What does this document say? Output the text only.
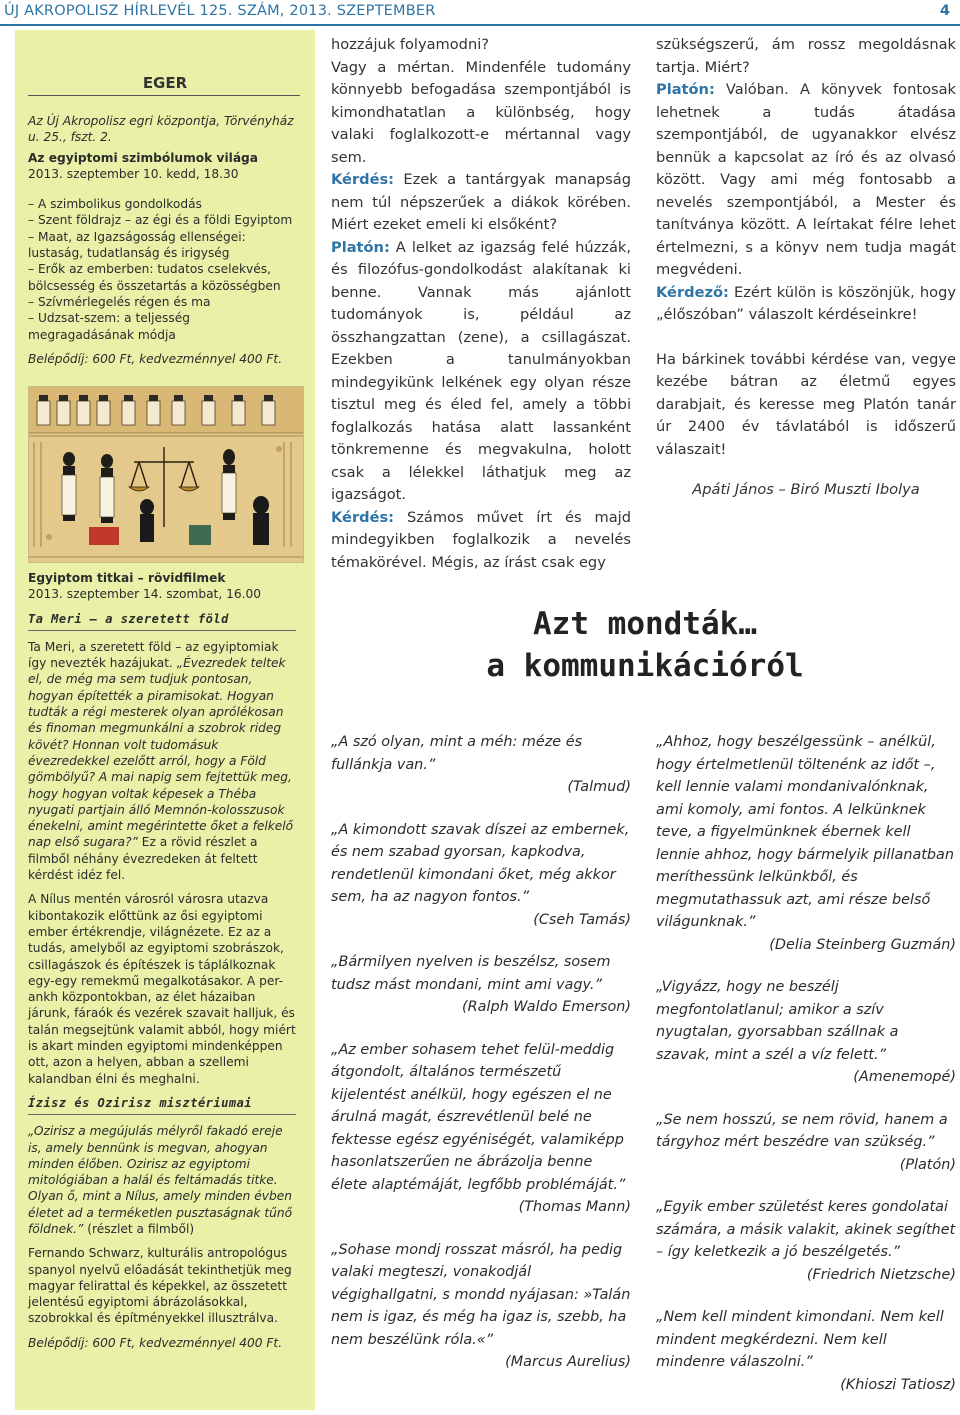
ÚJ AKROPOLISZ HÍRLEVÉL 125. SZÁM, 2013. SZEPTEMBER	4
EGER

Az Új Akropolisz egri központja, Törvényház u. 25., fszt. 2.

Az egyiptomi szimbólumok világa

2013. szeptember 10. kedd, 18.30

– A szimbolikus gondolkodás

– Szent földrajz – az égi és a földi Egyiptom

– Maat, az Igazságosság ellenségei: lustaság, tudatlanság és irigység

– Erők az emberben: tudatos cselekvés, bölcsesség és összetartás a közösségben

– Szívmérlegelés régen és ma

– Udzsat-szem: a teljesség megragadásának módja

Belépődíj: 600 Ft, kedvezménnyel 400 Ft.

Egyiptom titkai – rövidfilmek

2013. szeptember 14. szombat, 16.00

Ta Meri – a szeretett föld

Ta Meri, a szeretett föld – az egyiptomiak így nevezték hazájukat. „Évezredek teltek el, de még ma sem tudjuk pontosan, hogyan építették a piramisokat. Hogyan tudták a régi mesterek olyan aprólékosan és finoman megmunkálni a szobrok rideg kövét? Honnan volt tudomásuk évezredekkel ezelőtt arról, hogy a Föld gömbölyű? A mai napig sem fejtettük meg, hogy hogyan voltak képesek a Théba nyugati partjain álló Memnón-kolosszusok énekelni, amint megérintette őket a felkelő nap első sugara?” Ez a rövid részlet a filmből néhány évezredeken át feltett kérdést idéz fel.

A Nílus mentén városról városra utazva kibontakozik előttünk az ősi egyiptomi ember értékrendje, világnézete. Ez az a tudás, amelyből az egyiptomi szobrászok, csillagászok és építészek is táplálkoznak egy-egy remekmű megalkotásakor. A per-ankh központokban, az élet házaiban járunk, fáraók és vezérek szavait halljuk, és talán megsejtünk valamit abból, hogy miért is akart minden egyiptomi mindenképpen ott, azon a helyen, abban a szellemi kalandban élni és meghalni.

Ízisz és Ozirisz misztériumai

„Ozirisz a megújulás mélyről fakadó ereje is, amely bennünk is megvan, ahogyan minden élőben. Ozirisz az egyiptomi mitológiában a halál és feltámadás titke. Olyan ő, mint a Nílus, amely minden évben életet ad a terméketlen pusztaságnak tűnő földnek.” (részlet a filmből)

Fernando Schwarz, kulturális antropológus spanyol nyelvű előadását tekinthetjük meg magyar felirattal és képekkel, az összetett jelentésű egyiptomi ábrázolásokkal, szobrokkal és építményekkel illusztrálva.

Belépődíj: 600 Ft, kedvezménnyel 400 Ft.

hozzájuk folyamodni?

Vagy a mértan. Mindenféle tudomány könnyebb befogadása szempontjából is kimondhatatlan a különbség, hogy valaki foglalkozott-e mértannal vagy sem.

Kérdés: Ezek a tantárgyak manapság nem túl népszerűek a diákok körében. Miért ezeket emeli ki elsőként?

Platón: A lelket az igazság felé húzzák, és filozófus-gondolkodást alakítanak ki benne. Vannak más ajánlott tudományok is, például az összhangzattan (zene), a csillagászat. Ezekben a tanulmányokban mindegyikünk lelkének egy olyan része tisztul meg és éled fel, amely a többi foglalkozás hatása alatt lassanként tönkremenne és megvakulna, holott csak a lélekkel láthatjuk meg az igazságot.

Kérdés: Számos művet írt és majd mindegyikben foglalkozik a nevelés témakörével. Mégis, az írást csak egy

szükségszerű, ám rossz megoldásnak tartja. Miért?

Platón: Valóban. A könyvek fontosak lehetnek a tudás átadása szempontjából, de ugyanakkor elvész bennük a kapcsolat az író és az olvasó között. Vagy ami még fontosabb a nevelés szempontjából, a Mester és tanítványa között. A leírtakat félre lehet értelmezni, s a könyv nem tudja magát megvédeni.

Kérdező: Ezért külön is köszönjük, hogy „élőszóban” válaszolt kérdéseinkre!

Ha bárkinek további kérdése van, vegye kezébe bátran az életmű egyes darabjait, és keresse meg Platón tanár úr 2400 év távlatából is időszerű válaszait!

Apáti János – Biró Muszti Ibolya

Azt mondták…
a kommunikációról

„A szó olyan, mint a méh: méze és fullánkja van.”

(Talmud)

„A kimondott szavak díszei az embernek, és nem szabad gyorsan, kapkodva, rendetlenül kimondani őket, még akkor sem, ha az nagyon fontos.”

(Cseh Tamás)

„Bármilyen nyelven is beszélsz, sosem tudsz mást mondani, mint ami vagy.”

(Ralph Waldo Emerson)

„Az ember sohasem tehet felül-meddig átgondolt, általános természetű kijelentést anélkül, hogy egészen el ne árulná magát, észrevétlenül belé ne fektesse egész egyéniségét, valamiképp hasonlatszerűen ne ábrázolja benne élete alaptémáját, legfőbb problémáját.”

(Thomas Mann)

„Sohase mondj rosszat másról, ha pedig valaki megteszi, vonakodjál végighallgatni, s mondd nyájasan: »Talán nem is igaz, és még ha igaz is, szebb, ha nem beszélünk róla.«”

(Marcus Aurelius)

„Ahhoz, hogy beszélgessünk – anélkül, hogy értelmetlenül töltenénk az időt –, kell lennie valami mondanivalónknak, ami komoly, ami fontos. A lelkünknek teve, a figyelmünknek ébernek kell lennie ahhoz, hogy bármelyik pillanatban meríthessünk lelkünkből, és megmutathassuk azt, ami része belső világunknak.”

(Delia Steinberg Guzmán)

„Vigyázz, hogy ne beszélj megfontolatlanul; amikor a szív nyugtalan, gyorsabban szállnak a szavak, mint a szél a víz felett.”

(Amenemopé)

„Se nem hosszú, se nem rövid, hanem a tárgyhoz mért beszédre van szükség.”

(Platón)

„Egyik ember születést keres gondolatai számára, a másik valakit, akinek segíthet – így keletkezik a jó beszélgetés.”

(Friedrich Nietzsche)

„Nem kell mindent kimondani. Nem kell mindent megkérdezni. Nem kell mindenre válaszolni.”

(Khioszi Tatiosz)
